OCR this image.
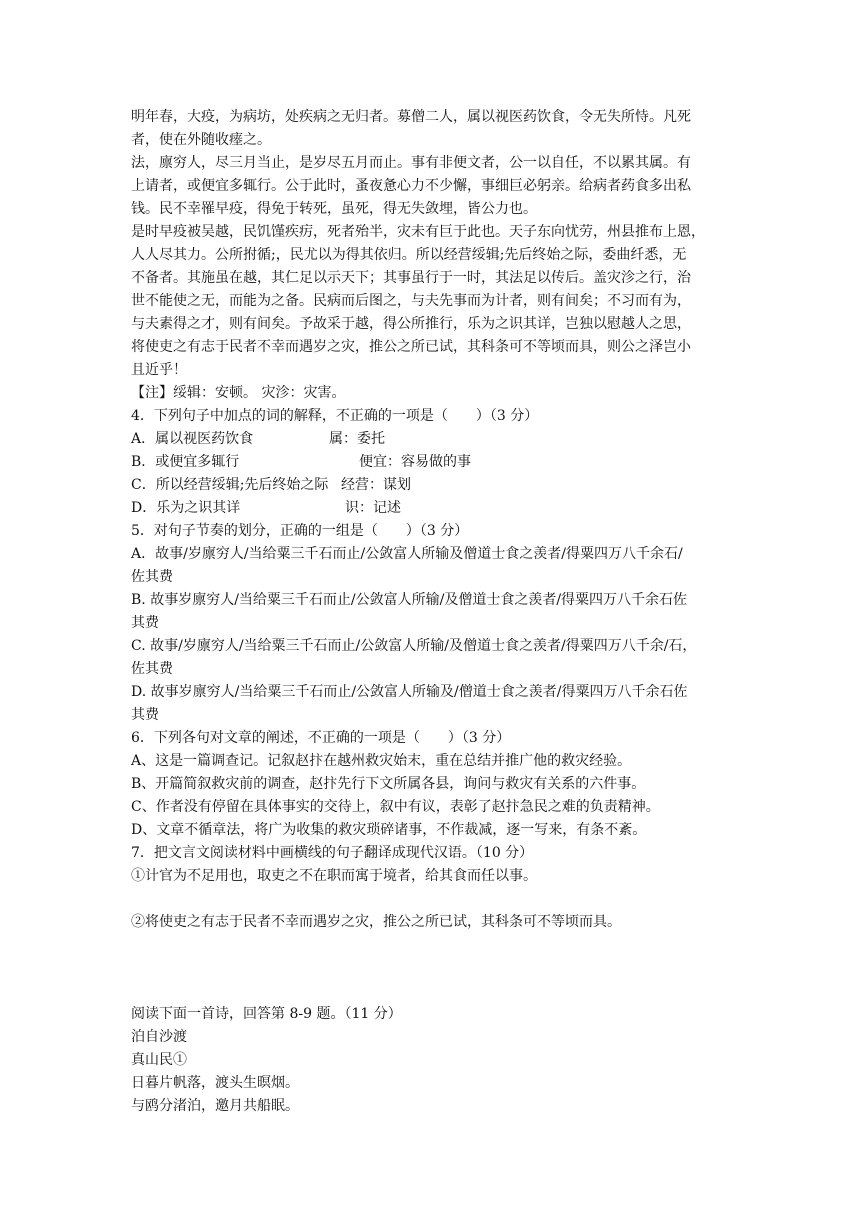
明年春，大疫，为病坊，处疾病之无归者。募僧二人，属以视医药饮食，令无失所恃。凡死

者，使在外随收瘗之。

法，廪穷人，尽三月当止，是岁尽五月而止。事有非便文者，公一以自任，不以累其属。有

上请者，或便宜多辄行。公于此时，蚤夜惫心力不少懈，事细巨必躬亲。给病者药食多出私

钱。民不幸罹早疫，得免于转死，虽死，得无失敛埋，皆公力也。

是时早疫被吴越，民饥馑疾疠，死者殆半，灾未有巨于此也。天子东向忧劳，州县推布上恩，

人人尽其力。公所拊循;，民尤以为得其依归。所以经营绥辑;先后终始之际，委曲纤悉，无

不备者。其施虽在越，其仁足以示天下；其事虽行于一时，其法足以传后。盖灾沴之行，治

世不能使之无，而能为之备。民病而后图之，与夫先事而为计者，则有间矣；不习而有为，

与夫素得之才，则有间矣。予故采于越，得公所推行，乐为之识其详，岂独以慰越人之思，

将使吏之有志于民者不幸而遇岁之灾，推公之所已试，其科条可不等顷而具，则公之泽岂小

且近乎！

【注】绥辑：安顿。 灾沴：灾害。

4．下列句子中加点的词的解释，不正确的一项是（　　）（3 分）

A．属以视医药饮食	属：委托

B．或便宜多辄行	便宜：容易做的事

C．所以经营绥辑;先后终始之际 经营：谋划

D．乐为之识其详	识：记述

5．对句子节奏的划分，正确的一组是（　　）（3 分）

A．故事/岁廪穷人/当给粟三千石而止/公敛富人所输及僧道士食之羡者/得粟四万八千余石/

佐其费

B. 故事岁廪穷人/当给粟三千石而止/公敛富人所输/及僧道士食之羡者/得粟四万八千余石佐

其费

C. 故事/岁廪穷人/当给粟三千石而止/公敛富人所输/及僧道士食之羡者/得粟四万八千余/石，

佐其费

D. 故事岁廪穷人/当给粟三千石而止/公敛富人所输及/僧道士食之羡者/得粟四万八千余石佐

其费

6．下列各句对文章的阐述，不正确的一项是（　　）（3 分）

A、这是一篇调查记。记叙赵抃在越州救灾始末，重在总结并推广他的救灾经验。

B、开篇简叙救灾前的调查，赵抃先行下文所属各县，询问与救灾有关系的六件事。

C、作者没有停留在具体事实的交待上，叙中有议，表彰了赵抃急民之难的负责精神。

D、文章不循章法，将广为收集的救灾琐碎诸事，不作裁减，逐一写来，有条不紊。

7．把文言文阅读材料中画横线的句子翻译成现代汉语。（10 分）

①计官为不足用也，取吏之不在职而寓于境者，给其食而任以事。

②将使吏之有志于民者不幸而遇岁之灾，推公之所已试，其科条可不等顷而具。

阅读下面一首诗，回答第 8-9 题。（11 分）

泊自沙渡

真山民①

日暮片帆落，渡头生暝烟。

与鸥分渚泊，邀月共船眠。
